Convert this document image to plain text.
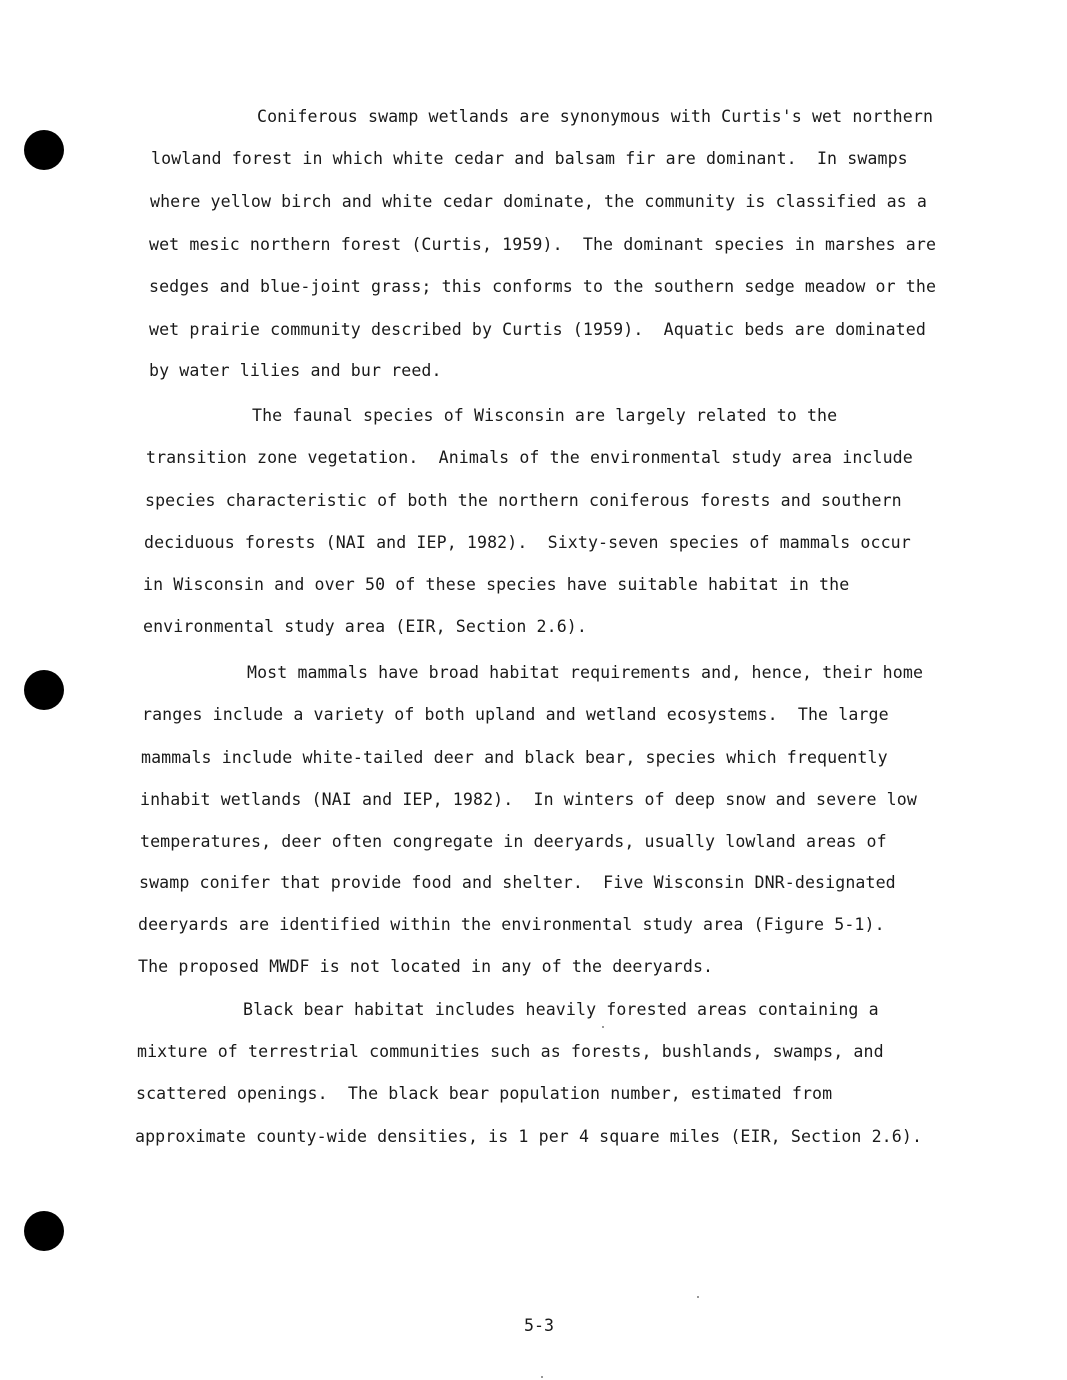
Coniferous swamp wetlands are synonymous with Curtis's wet northern
lowland forest in which white cedar and balsam fir are dominant.  In swamps
where yellow birch and white cedar dominate, the community is classified as a
wet mesic northern forest (Curtis, 1959).  The dominant species in marshes are
sedges and blue-joint grass; this conforms to the southern sedge meadow or the
wet prairie community described by Curtis (1959).  Aquatic beds are dominated
by water lilies and bur reed.
The faunal species of Wisconsin are largely related to the
transition zone vegetation.  Animals of the environmental study area include
species characteristic of both the northern coniferous forests and southern
deciduous forests (NAI and IEP, 1982).  Sixty-seven species of mammals occur
in Wisconsin and over 50 of these species have suitable habitat in the
environmental study area (EIR, Section 2.6).
Most mammals have broad habitat requirements and, hence, their home
ranges include a variety of both upland and wetland ecosystems.  The large
mammals include white-tailed deer and black bear, species which frequently
inhabit wetlands (NAI and IEP, 1982).  In winters of deep snow and severe low
temperatures, deer often congregate in deeryards, usually lowland areas of
swamp conifer that provide food and shelter.  Five Wisconsin DNR-designated
deeryards are identified within the environmental study area (Figure 5-1).
The proposed MWDF is not located in any of the deeryards.
Black bear habitat includes heavily forested areas containing a
mixture of terrestrial communities such as forests, bushlands, swamps, and
scattered openings.  The black bear population number, estimated from
approximate county-wide densities, is 1 per 4 square miles (EIR, Section 2.6).
5-3
